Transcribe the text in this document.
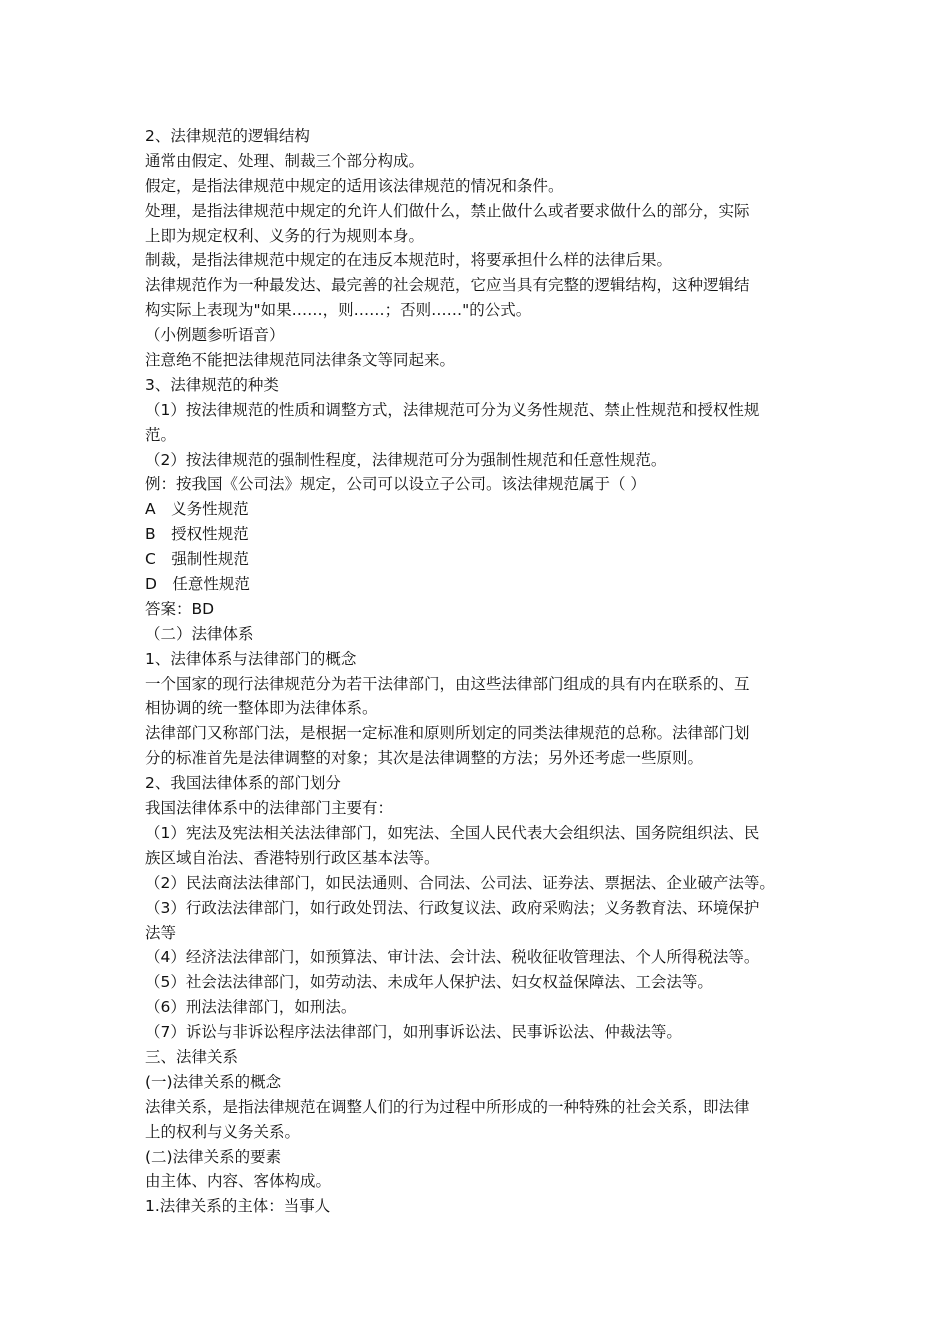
2、法律规范的逻辑结构
通常由假定、处理、制裁三个部分构成。
假定，是指法律规范中规定的适用该法律规范的情况和条件。
处理，是指法律规范中规定的允许人们做什么，禁止做什么或者要求做什么的部分，实际
上即为规定权利、义务的行为规则本身。
制裁，是指法律规范中规定的在违反本规范时，将要承担什么样的法律后果。
法律规范作为一种最发达、最完善的社会规范，它应当具有完整的逻辑结构，这种逻辑结
构实际上表现为"如果……，则……；否则……"的公式。
（小例题参听语音）
注意绝不能把法律规范同法律条文等同起来。
3、法律规范的种类
（1）按法律规范的性质和调整方式，法律规范可分为义务性规范、禁止性规范和授权性规
范。
（2）按法律规范的强制性程度，法律规范可分为强制性规范和任意性规范。
例：按我国《公司法》规定，公司可以设立子公司。该法律规范属于（ ）
A　义务性规范
B　授权性规范
C　强制性规范
D　任意性规范
答案：BD
（二）法律体系
1、法律体系与法律部门的概念
一个国家的现行法律规范分为若干法律部门，由这些法律部门组成的具有内在联系的、互
相协调的统一整体即为法律体系。
法律部门又称部门法，是根据一定标准和原则所划定的同类法律规范的总称。法律部门划
分的标准首先是法律调整的对象；其次是法律调整的方法；另外还考虑一些原则。
2、我国法律体系的部门划分
我国法律体系中的法律部门主要有：
（1）宪法及宪法相关法法律部门，如宪法、全国人民代表大会组织法、国务院组织法、民
族区域自治法、香港特别行政区基本法等。
（2）民法商法法律部门，如民法通则、合同法、公司法、证券法、票据法、企业破产法等。
（3）行政法法律部门，如行政处罚法、行政复议法、政府采购法；义务教育法、环境保护
法等
（4）经济法法律部门，如预算法、审计法、会计法、税收征收管理法、个人所得税法等。
（5）社会法法律部门，如劳动法、未成年人保护法、妇女权益保障法、工会法等。
（6）刑法法律部门，如刑法。
（7）诉讼与非诉讼程序法法律部门，如刑事诉讼法、民事诉讼法、仲裁法等。
三、法律关系
(一)法律关系的概念
法律关系，是指法律规范在调整人们的行为过程中所形成的一种特殊的社会关系，即法律
上的权利与义务关系。
(二)法律关系的要素
由主体、内容、客体构成。
1.法律关系的主体：当事人
